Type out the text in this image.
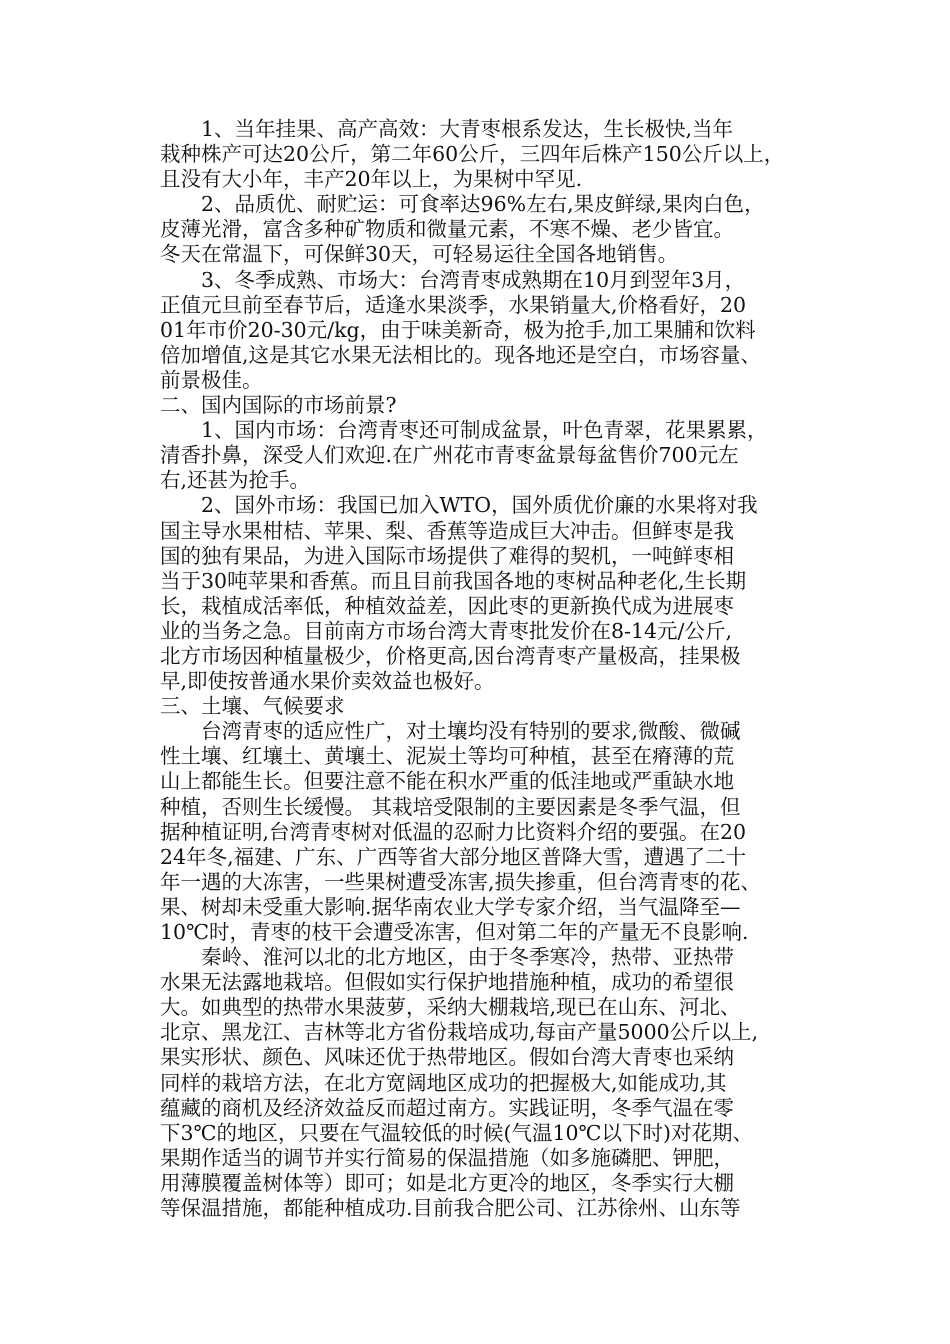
　　1、当年挂果、高产高效：大青枣根系发达，生长极快,当年
栽种株产可达20公斤，第二年60公斤，三四年后株产150公斤以上，
且没有大小年，丰产20年以上，为果树中罕见.
　　2、品质优、耐贮运：可食率达96%左右,果皮鲜绿,果肉白色，
皮薄光滑，富含多种矿物质和微量元素，不寒不燥、老少皆宜。
冬天在常温下，可保鲜30天，可轻易运往全国各地销售。
　　3、冬季成熟、市场大：台湾青枣成熟期在10月到翌年3月，
正值元旦前至春节后，适逢水果淡季，水果销量大,价格看好，20
01年市价20-30元/kg，由于味美新奇，极为抢手,加工果脯和饮料
倍加增值,这是其它水果无法相比的。现各地还是空白，市场容量、
前景极佳。
二、国内国际的市场前景?
　　1、国内市场：台湾青枣还可制成盆景，叶色青翠，花果累累，
清香扑鼻，深受人们欢迎.在广州花市青枣盆景每盆售价700元左
右,还甚为抢手。
　　2、国外市场：我国已加入WTO，国外质优价廉的水果将对我
国主导水果柑桔、苹果、梨、香蕉等造成巨大冲击。但鲜枣是我
国的独有果品，为进入国际市场提供了难得的契机，一吨鲜枣相
当于30吨苹果和香蕉。而且目前我国各地的枣树品种老化,生长期
长，栽植成活率低，种植效益差，因此枣的更新换代成为进展枣
业的当务之急。目前南方市场台湾大青枣批发价在8-14元/公斤,
北方市场因种植量极少，价格更高,因台湾青枣产量极高，挂果极
早,即使按普通水果价卖效益也极好。
三、土壤、气候要求
　　台湾青枣的适应性广，对土壤均没有特别的要求,微酸、微碱
性土壤、红壤土、黄壤土、泥炭土等均可种植，甚至在瘠薄的荒
山上都能生长。但要注意不能在积水严重的低洼地或严重缺水地
种植，否则生长缓慢。 其栽培受限制的主要因素是冬季气温，但
据种植证明,台湾青枣树对低温的忍耐力比资料介绍的要强。在20
24年冬,福建、广东、广西等省大部分地区普降大雪，遭遇了二十
年一遇的大冻害，一些果树遭受冻害,损失掺重，但台湾青枣的花、
果、树却未受重大影响.据华南农业大学专家介绍，当气温降至—
10℃时，青枣的枝干会遭受冻害，但对第二年的产量无不良影响.
　　秦岭、淮河以北的北方地区，由于冬季寒冷，热带、亚热带
水果无法露地栽培。但假如实行保护地措施种植，成功的希望很
大。如典型的热带水果菠萝，采纳大棚栽培,现已在山东、河北、
北京、黑龙江、吉林等北方省份栽培成功,每亩产量5000公斤以上,
果实形状、颜色、风味还优于热带地区。假如台湾大青枣也采纳
同样的栽培方法，在北方宽阔地区成功的把握极大,如能成功,其
蕴藏的商机及经济效益反而超过南方。实践证明，冬季气温在零
下3℃的地区，只要在气温较低的时候(气温10℃以下时)对花期、
果期作适当的调节并实行简易的保温措施（如多施磷肥、钾肥，
用薄膜覆盖树体等）即可；如是北方更冷的地区，冬季实行大棚
等保温措施，都能种植成功.目前我合肥公司、江苏徐州、山东等
